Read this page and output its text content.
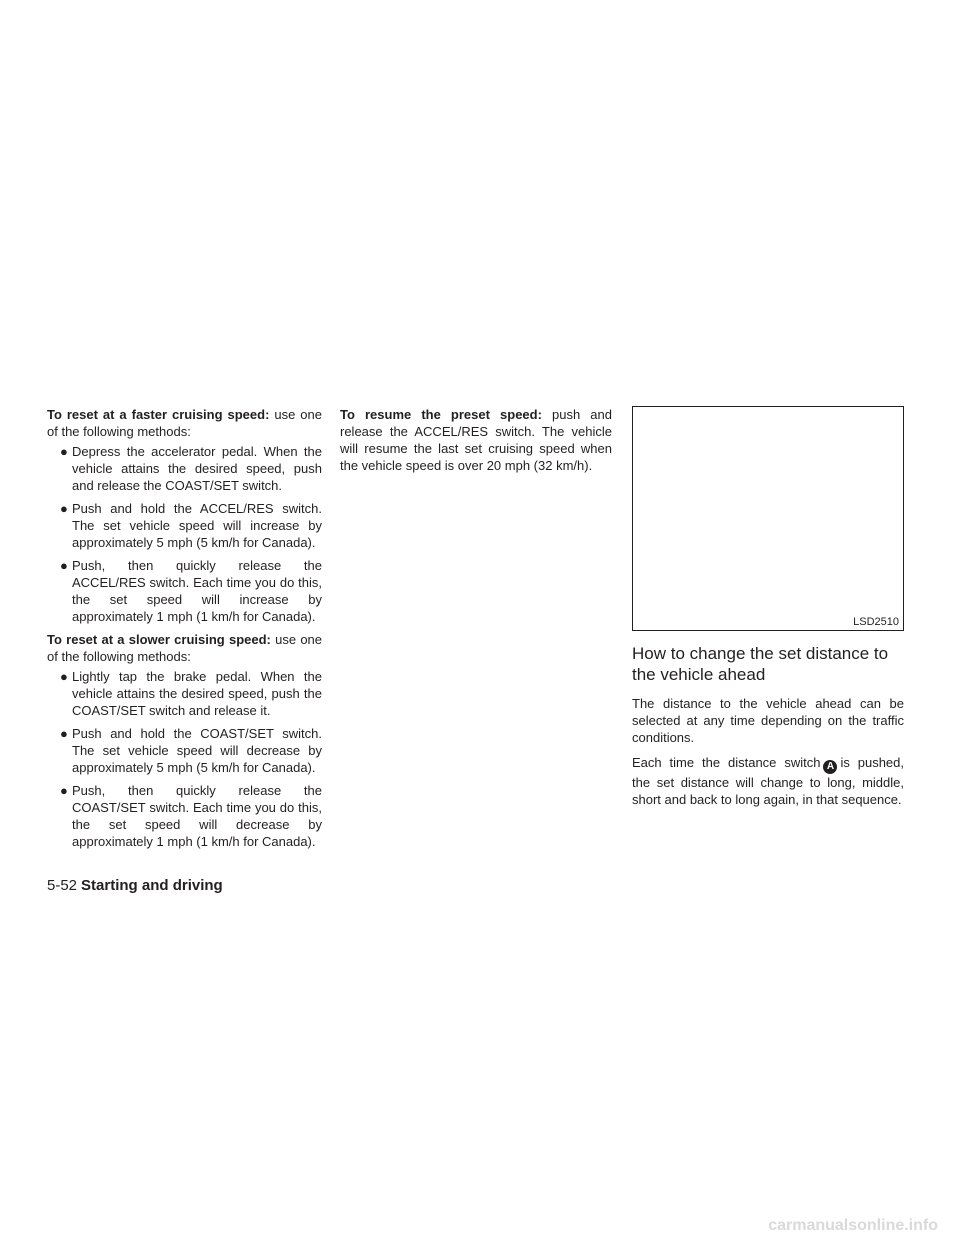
To reset at a faster cruising speed: use one of the following methods:

● Depress the accelerator pedal. When the vehicle attains the desired speed, push and release the COAST/SET switch.
● Push and hold the ACCEL/RES switch. The set vehicle speed will increase by approximately 5 mph (5 km/h for Canada).
● Push, then quickly release the ACCEL/RES switch. Each time you do this, the set speed will increase by approximately 1 mph (1 km/h for Canada).

To reset at a slower cruising speed: use one of the following methods:

● Lightly tap the brake pedal. When the vehicle attains the desired speed, push the COAST/SET switch and release it.
● Push and hold the COAST/SET switch. The set vehicle speed will decrease by approximately 5 mph (5 km/h for Canada).
● Push, then quickly release the COAST/SET switch. Each time you do this, the set speed will decrease by approximately 1 mph (1 km/h for Canada).

To resume the preset speed: push and release the ACCEL/RES switch. The vehicle will resume the last set cruising speed when the vehicle speed is over 20 mph (32 km/h).

LSD2510
How to change the set distance to the vehicle ahead

The distance to the vehicle ahead can be selected at any time depending on the traffic conditions.

Each time the distance switch A is pushed, the set distance will change to long, middle, short and back to long again, in that sequence.

5-52 Starting and driving
carmanualsonline.info
